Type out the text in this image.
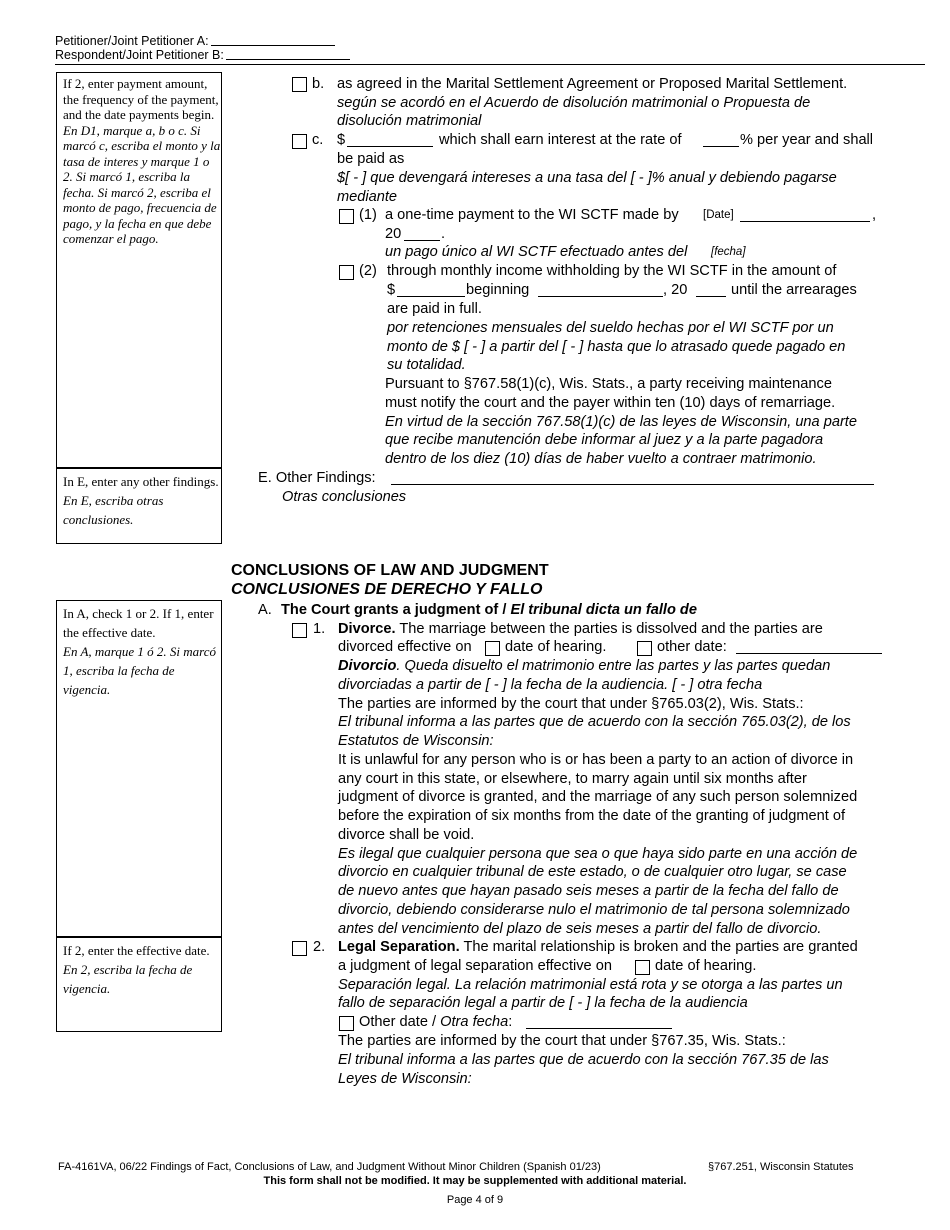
Petitioner/Joint Petitioner A:
Respondent/Joint Petitioner B:
If 2, enter payment amount, the frequency of the payment, and the date payments begin.
En D1, marque a, b o c. Si marcó c, escriba el monto y la tasa de interes y marque 1 o 2. Si marcó 1, escriba la fecha. Si marcó 2, escriba el monto de pago, frecuencia de pago, y la fecha en que debe comenzar el pago.
In E, enter any other findings.
En E, escriba otras conclusiones.
In A, check 1 or 2. If 1, enter the effective date.
En A, marque 1 ó 2. Si marcó 1, escriba la fecha de vigencia.
If 2, enter the effective date.
En 2, escriba la fecha de vigencia.
b. as agreed in the Marital Settlement Agreement or Proposed Marital Settlement.
según se acordó en el Acuerdo de disolución matrimonial o Propuesta de
disolución matrimonial
c. $	which shall earn interest at the rate of	% per year and shall
be paid as
$[ - ] que devengará intereses a una tasa del [ - ]% anual y debiendo pagarse
mediante
(1) a one-time payment to the WI SCTF made by [Date]	,
20	.
un pago único al WI SCTF efectuado antes del [fecha]
(2) through monthly income withholding by the WI SCTF in the amount of
$	beginning	, 20	until the arrearages
are paid in full.
por retenciones mensuales del sueldo hechas por el WI SCTF por un
monto de $ [ - ] a partir del [ - ] hasta que lo atrasado quede pagado en
su totalidad.
Pursuant to §767.58(1)(c), Wis. Stats., a party receiving maintenance
must notify the court and the payer within ten (10) days of remarriage.
En virtud de la sección 767.58(1)(c) de las leyes de Wisconsin, una parte
que recibe manutención debe informar al juez y a la parte pagadora
dentro de los diez (10) días de haber vuelto a contraer matrimonio.
E. Other Findings:
Otras conclusiones
CONCLUSIONS OF LAW AND JUDGMENT
CONCLUSIONES DE DERECHO Y FALLO
A. The Court grants a judgment of / El tribunal dicta un fallo de
1. Divorce. The marriage between the parties is dissolved and the parties are
divorced effective on date of hearing.	other date:
Divorcio. Queda disuelto el matrimonio entre las partes y las partes quedan
divorciadas a partir de [ - ] la fecha de la audiencia. [ - ] otra fecha
The parties are informed by the court that under §765.03(2), Wis. Stats.:
El tribunal informa a las partes que de acuerdo con la sección 765.03(2), de los
Estatutos de Wisconsin:
It is unlawful for any person who is or has been a party to an action of divorce in
any court in this state, or elsewhere, to marry again until six months after
judgment of divorce is granted, and the marriage of any such person solemnized
before the expiration of six months from the date of the granting of judgment of
divorce shall be void.
Es ilegal que cualquier persona que sea o que haya sido parte en una acción de
divorcio en cualquier tribunal de este estado, o de cualquier otro lugar, se case
de nuevo antes que hayan pasado seis meses a partir de la fecha del fallo de
divorcio, debiendo considerarse nulo el matrimonio de tal persona solemnizado
antes del vencimiento del plazo de seis meses a partir del fallo de divorcio.
2. Legal Separation. The marital relationship is broken and the parties are granted
a judgment of legal separation effective on	date of hearing.
Separación legal. La relación matrimonial está rota y se otorga a las partes un
fallo de separación legal a partir de [ - ] la fecha de la audiencia
Other date / Otra fecha:
The parties are informed by the court that under §767.35, Wis. Stats.:
El tribunal informa a las partes que de acuerdo con la sección 767.35 de las
Leyes de Wisconsin:
FA-4161VA, 06/22 Findings of Fact, Conclusions of Law, and Judgment Without Minor Children (Spanish 01/23)	§767.251, Wisconsin Statutes
This form shall not be modified. It may be supplemented with additional material.
Page 4 of 9
